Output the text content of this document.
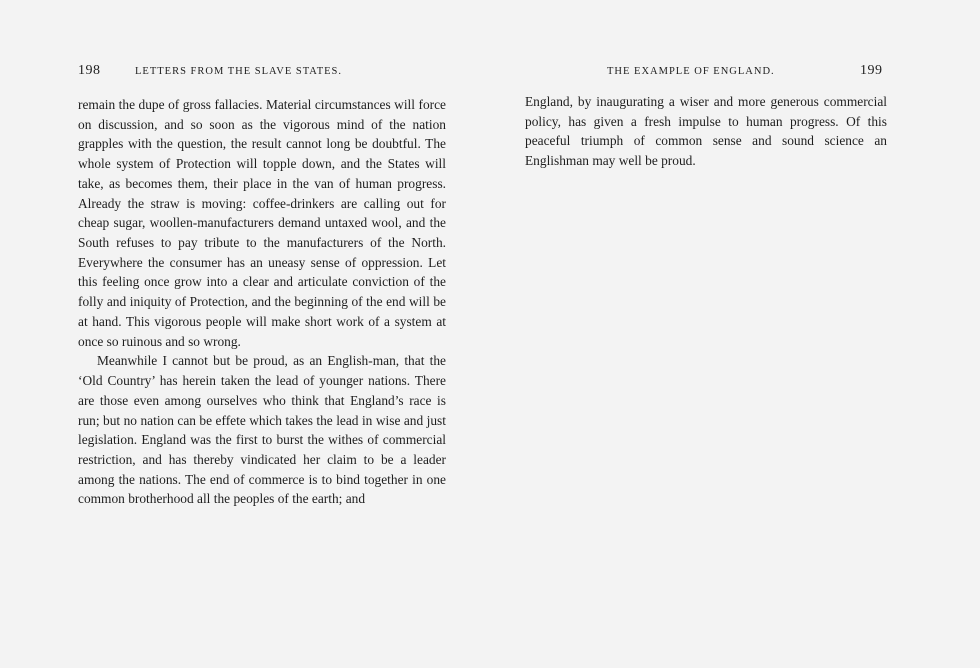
198	LETTERS FROM THE SLAVE STATES.

remain the dupe of gross fallacies. Material circumstances will force on discussion, and so soon as the vigorous mind of the nation grapples with the question, the result cannot long be doubtful. The whole system of Protection will topple down, and the States will take, as becomes them, their place in the van of human progress. Already the straw is moving: coffee-drinkers are calling out for cheap sugar, woollen-manufacturers demand untaxed wool, and the South refuses to pay tribute to the manufacturers of the North. Everywhere the consumer has an uneasy sense of oppression. Let this feeling once grow into a clear and articulate conviction of the folly and iniquity of Protection, and the beginning of the end will be at hand. This vigorous people will make short work of a system at once so ruinous and so wrong.

Meanwhile I cannot but be proud, as an English-man, that the ‘Old Country’ has herein taken the lead of younger nations. There are those even among ourselves who think that England’s race is run; but no nation can be effete which takes the lead in wise and just legislation. England was the first to burst the withes of commercial restriction, and has thereby vindicated her claim to be a leader among the nations. The end of commerce is to bind together in one common brotherhood all the peoples of the earth; and

THE EXAMPLE OF ENGLAND.	199

England, by inaugurating a wiser and more generous commercial policy, has given a fresh impulse to human progress. Of this peaceful triumph of common sense and sound science an Englishman may well be proud.
